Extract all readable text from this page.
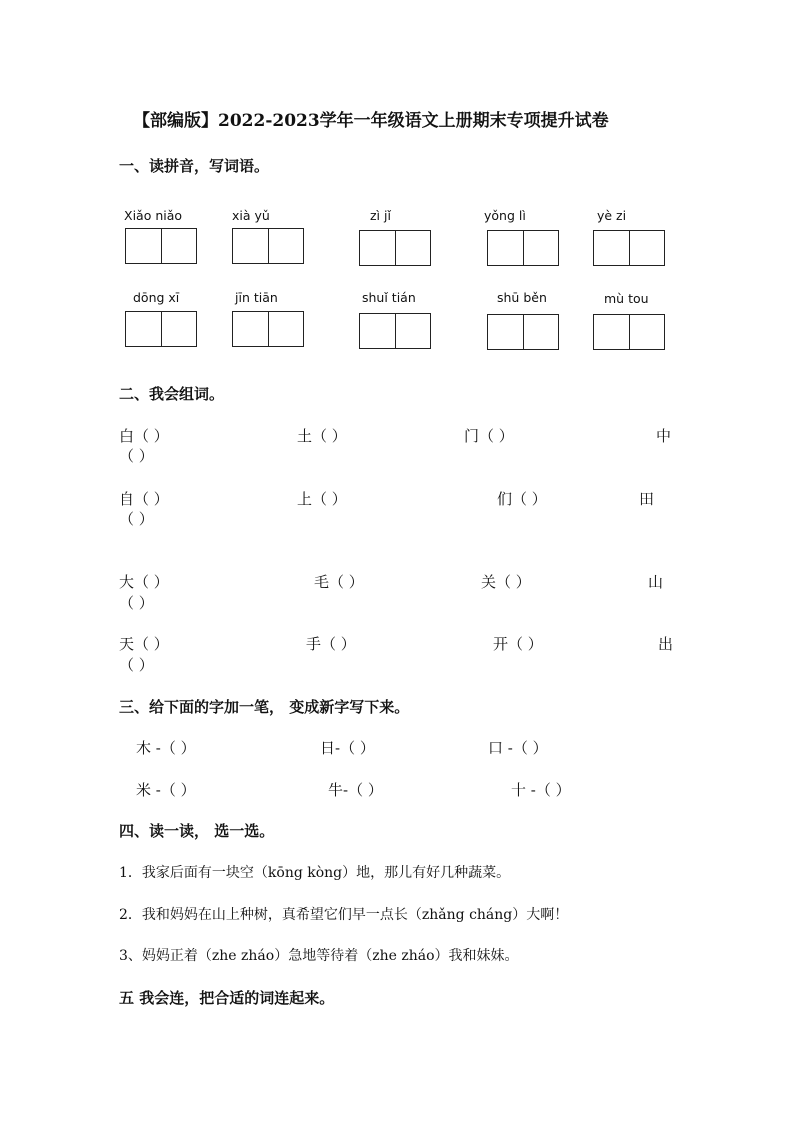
【部编版】2022-2023学年一年级语文上册期末专项提升试卷
一、读拼音，写词语。
Xiǎo niǎo	xià yǔ	zì jǐ	yǒng lì	yè zi
dōng xī	jīn tiān	shuǐ tián	shū běn	mù tou
二、我会组词。
白（ ）	土（ ）	门（ ）	中
（ ）
自（ ）	上（ ）	们（ ）	田
（ ）
大（ ）	毛（ ）	关（ ）	山
（ ）
天（ ）	手（ ）	开（ ）	出
（ ）
三、给下面的字加一笔， 变成新字写下来。
木 -（ ）	日-（ ）	口 -（ ）
米 -（ ）	牛-（ ）	十 -（ ）
四、读一读， 选一选。
1．我家后面有一块空（kōng kòng）地，那儿有好几种蔬菜。
2．我和妈妈在山上种树，真希望它们早一点长（zhǎng cháng）大啊！
3、妈妈正着（zhe zháo）急地等待着（zhe zháo）我和妹妹。
五 我会连，把合适的词连起来。
